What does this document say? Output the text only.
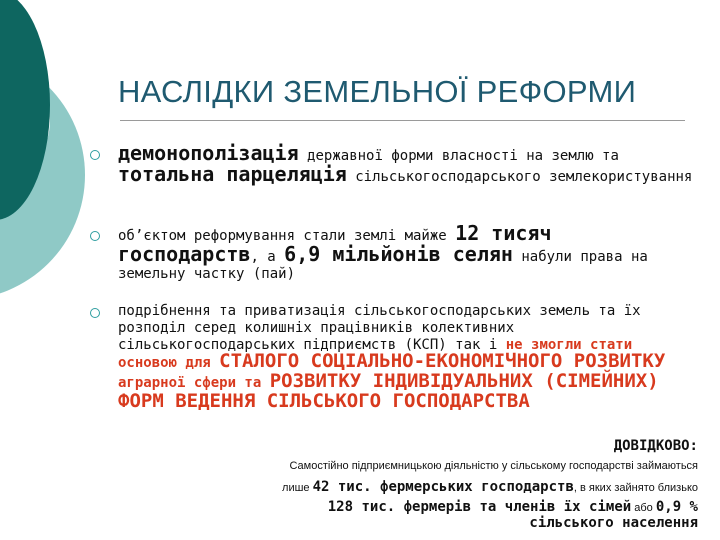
НАСЛІДКИ ЗЕМЕЛЬНОЇ РЕФОРМИ
демонополізація державної форми власності на землю та тотальна парцеляція сільськогосподарського землекористування
об’єктом реформування стали землі майже 12 тисяч господарств, а 6,9 мільйонів селян набули права на земельну частку (пай)
подрібнення та приватизація сільськогосподарських земель та їх розподіл серед колишніх працівників колективних сільськогосподарських підприємств (КСП) так і не змогли стати основою для СТАЛОГО СОЦІАЛЬНО-ЕКОНОМІЧНОГО РОЗВИТКУ аграрної сфери та РОЗВИТКУ ІНДИВІДУАЛЬНИХ (СІМЕЙНИХ) ФОРМ ВЕДЕННЯ СІЛЬСЬКОГО ГОСПОДАРСТВА
ДОВІДКОВО:
Самостійно підприємницькою діяльністю у сільському господарстві займаються
лише 42 тис. фермерських господарств, в яких зайнято близько
128 тис. фермерів та членів їх сімей або 0,9 %
сільського населення
